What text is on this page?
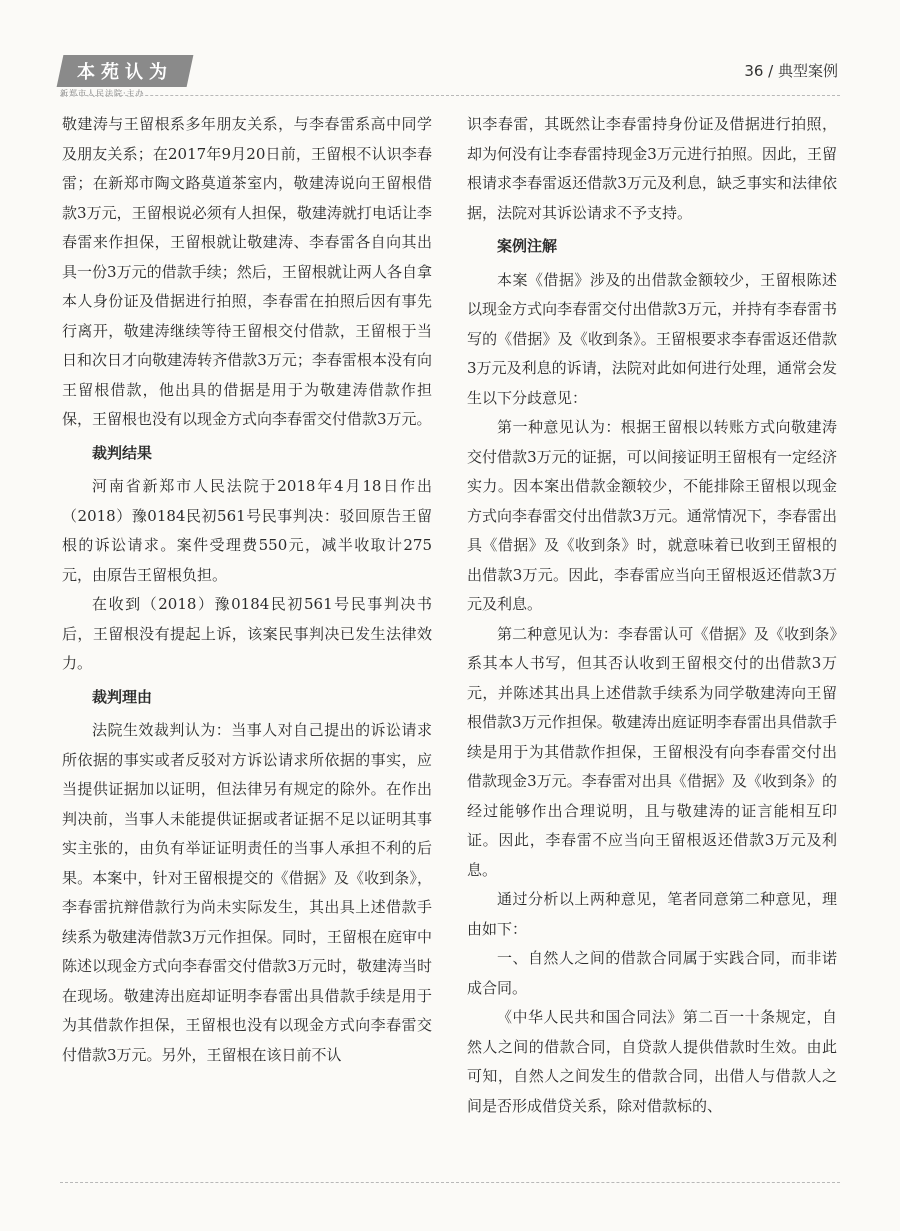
本苑认为
新郑市人民法院·主办
36 / 典型案例

敬建涛与王留根系多年朋友关系，与李春雷系高中同学及朋友关系；在2017年9月20日前，王留根不认识李春雷；在新郑市陶文路莫道茶室内，敬建涛说向王留根借款3万元，王留根说必须有人担保，敬建涛就打电话让李春雷来作担保，王留根就让敬建涛、李春雷各自向其出具一份3万元的借款手续；然后，王留根就让两人各自拿本人身份证及借据进行拍照，李春雷在拍照后因有事先行离开，敬建涛继续等待王留根交付借款，王留根于当日和次日才向敬建涛转齐借款3万元；李春雷根本没有向王留根借款，他出具的借据是用于为敬建涛借款作担保，王留根也没有以现金方式向李春雷交付借款3万元。

裁判结果

河南省新郑市人民法院于2018年4月18日作出（2018）豫0184民初561号民事判决：驳回原告王留根的诉讼请求。案件受理费550元，减半收取计275元，由原告王留根负担。

在收到（2018）豫0184民初561号民事判决书后，王留根没有提起上诉，该案民事判决已发生法律效力。

裁判理由

法院生效裁判认为：当事人对自己提出的诉讼请求所依据的事实或者反驳对方诉讼请求所依据的事实，应当提供证据加以证明，但法律另有规定的除外。在作出判决前，当事人未能提供证据或者证据不足以证明其事实主张的，由负有举证证明责任的当事人承担不利的后果。本案中，针对王留根提交的《借据》及《收到条》，李春雷抗辩借款行为尚未实际发生，其出具上述借款手续系为敬建涛借款3万元作担保。同时，王留根在庭审中陈述以现金方式向李春雷交付借款3万元时，敬建涛当时在现场。敬建涛出庭却证明李春雷出具借款手续是用于为其借款作担保，王留根也没有以现金方式向李春雷交付借款3万元。另外，王留根在该日前不认

识李春雷，其既然让李春雷持身份证及借据进行拍照，却为何没有让李春雷持现金3万元进行拍照。因此，王留根请求李春雷返还借款3万元及利息，缺乏事实和法律依据，法院对其诉讼请求不予支持。

案例注解

本案《借据》涉及的出借款金额较少，王留根陈述以现金方式向李春雷交付出借款3万元，并持有李春雷书写的《借据》及《收到条》。王留根要求李春雷返还借款3万元及利息的诉请，法院对此如何进行处理，通常会发生以下分歧意见：

第一种意见认为：根据王留根以转账方式向敬建涛交付借款3万元的证据，可以间接证明王留根有一定经济实力。因本案出借款金额较少，不能排除王留根以现金方式向李春雷交付出借款3万元。通常情况下，李春雷出具《借据》及《收到条》时，就意味着已收到王留根的出借款3万元。因此，李春雷应当向王留根返还借款3万元及利息。

第二种意见认为：李春雷认可《借据》及《收到条》系其本人书写，但其否认收到王留根交付的出借款3万元，并陈述其出具上述借款手续系为同学敬建涛向王留根借款3万元作担保。敬建涛出庭证明李春雷出具借款手续是用于为其借款作担保，王留根没有向李春雷交付出借款现金3万元。李春雷对出具《借据》及《收到条》的经过能够作出合理说明，且与敬建涛的证言能相互印证。因此，李春雷不应当向王留根返还借款3万元及利息。

通过分析以上两种意见，笔者同意第二种意见，理由如下：

一、自然人之间的借款合同属于实践合同，而非诺成合同。

《中华人民共和国合同法》第二百一十条规定，自然人之间的借款合同，自贷款人提供借款时生效。由此可知，自然人之间发生的借款合同，出借人与借款人之间是否形成借贷关系，除对借款标的、
